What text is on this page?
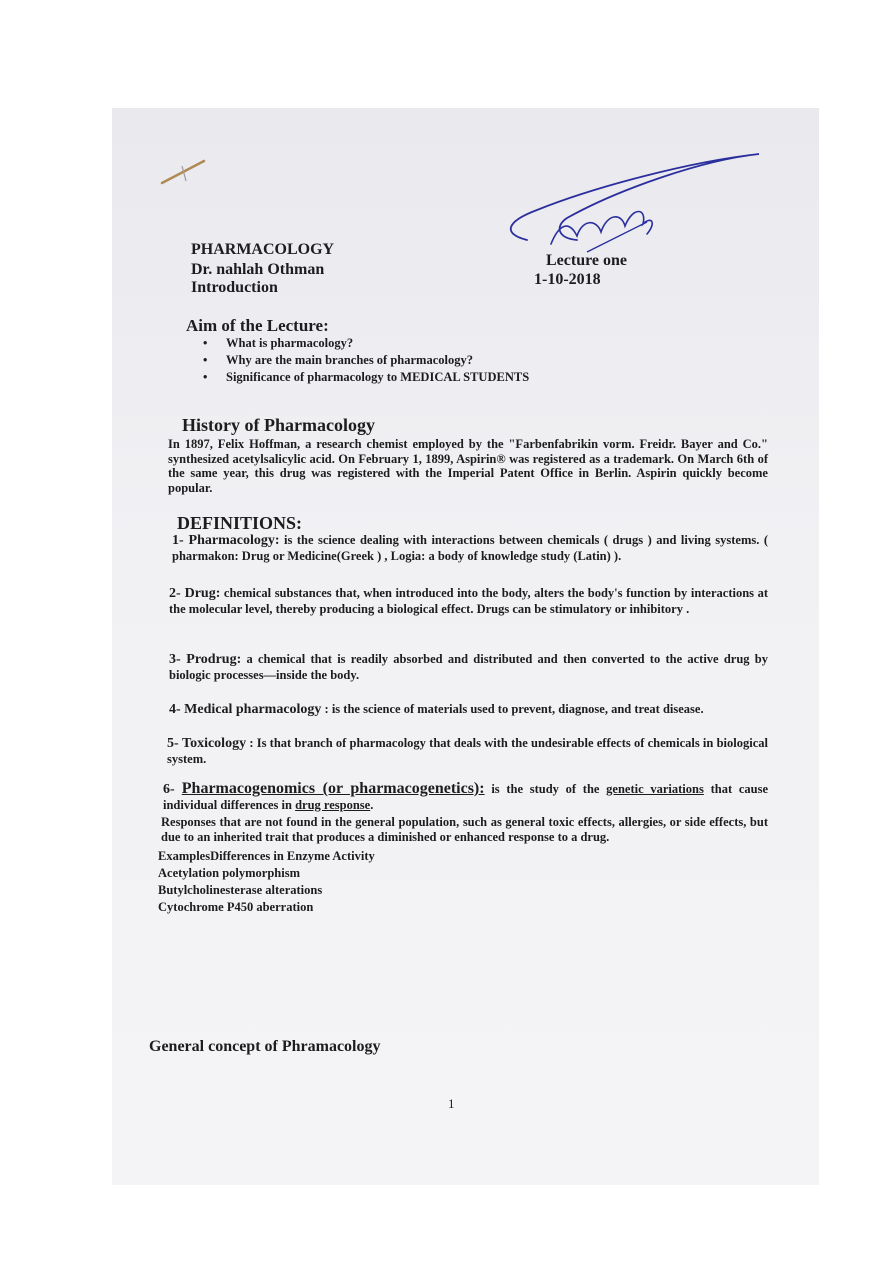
PHARMACOLOGY
Dr. nahlah Othman
Introduction
Lecture one
1-10-2018
Aim of the Lecture:
• What is pharmacology?
• Why are the main branches of pharmacology?
• Significance of pharmacology to MEDICAL STUDENTS
History of Pharmacology
In 1897, Felix Hoffman, a research chemist employed by the "Farbenfabrikin vorm. Freidr. Bayer and Co." synthesized acetylsalicylic acid. On February 1, 1899, Aspirin® was registered as a trademark. On March 6th of the same year, this drug was registered with the Imperial Patent Office in Berlin. Aspirin quickly become popular.
DEFINITIONS:
1- Pharmacology: is the science dealing with interactions between chemicals ( drugs ) and living systems. ( pharmakon: Drug or Medicine(Greek ) , Logia: a body of knowledge study (Latin) ).
2- Drug: chemical substances that, when introduced into the body, alters the body's function by interactions at the molecular level, thereby producing a biological effect. Drugs can be stimulatory or inhibitory .
3- Prodrug: a chemical that is readily absorbed and distributed and then converted to the active drug by biologic processes—inside the body.
4- Medical pharmacology : is the science of materials used to prevent, diagnose, and treat disease.
5- Toxicology : Is that branch of pharmacology that deals with the undesirable effects of chemicals in biological system.
6- Pharmacogenomics (or pharmacogenetics): is the study of the genetic variations that cause individual differences in drug response.
Responses that are not found in the general population, such as general toxic effects, allergies, or side effects, but due to an inherited trait that produces a diminished or enhanced response to a drug.
ExamplesDifferences in Enzyme Activity
Acetylation polymorphism
Butylcholinesterase alterations
Cytochrome P450 aberration
General concept of Phramacology
1
